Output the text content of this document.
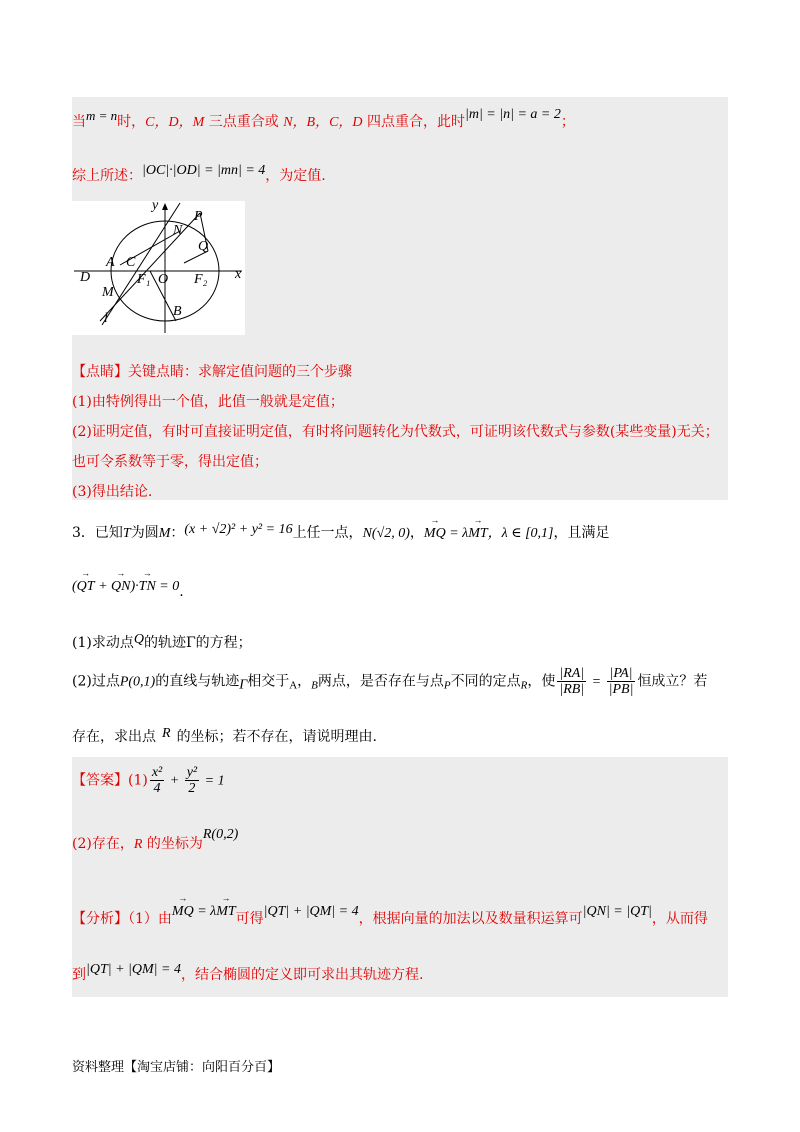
当m = n时，C，D，M 三点重合或 N，B，C，D 四点重合，此时|m| = |n| = a = 2；
综上所述：|OC|·|OD| = |mn| = 4，为定值.
y
P
N
Q
A C
D	F₁ O F₂ x
M
B
l
【点睛】关键点睛：求解定值问题的三个步骤
(1)由特例得出一个值，此值一般就是定值；
(2)证明定值，有时可直接证明定值，有时将问题转化为代数式，可证明该代数式与参数(某些变量)无关；
也可令系数等于零，得出定值；
(3)得出结论.
3．已知T为圆M：(x + √2)² + y² = 16上任一点，N(√2, 0)，→ MQ = λ→ MT，λ ∈ [0,1]，且满足
(→ QT + → QN)·→ TN = 0.
(1)求动点Q的轨迹Γ的方程；
(2)过点P(0,1)的直线与轨迹Γ相交于$_A$，$_B$两点，是否存在与点$_P$不同的定点$_R$，使 $\frac{|RA|}{|RB|} = \frac{|PA|}{|PB|}$ 恒成立？若
存在，求出点 R 的坐标；若不存在，请说明理由.
【答案】$(1) \frac{\text{x²}}{4} + \frac{\text{y²}}{2} = 1$
(2)存在，R 的坐标为R(0,2)
【分析】（1）由→ MQ = λ→ MT可得|QT| + |QM| = 4，根据向量的加法以及数量积运算可|QN| = |QT|，从而得
到|QT| + |QM| = 4，结合椭圆的定义即可求出其轨迹方程.
资料整理【淘宝店铺：向阳百分百】
